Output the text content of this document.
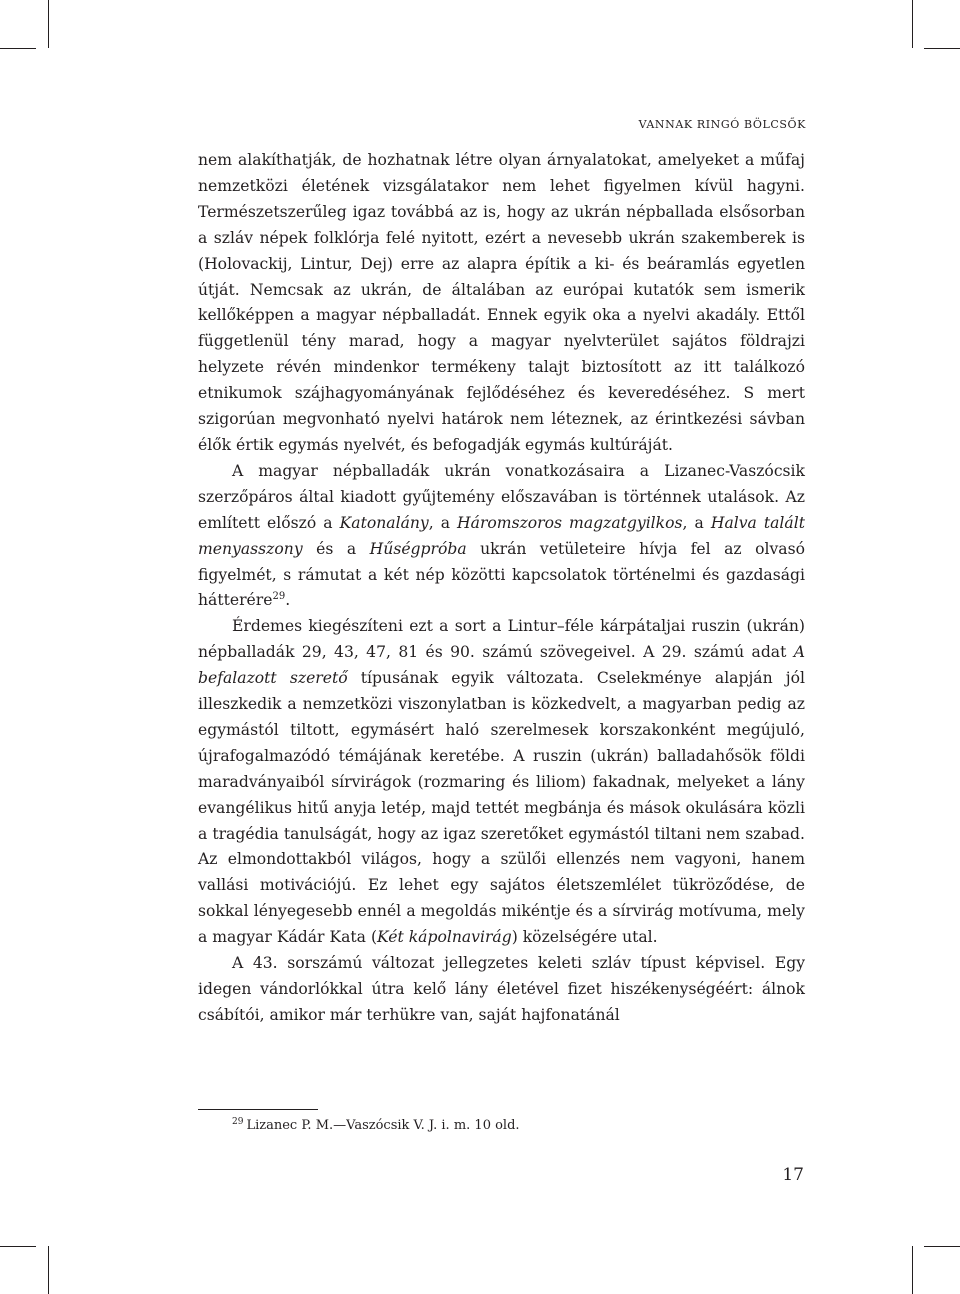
VANNAK RINGÓ BÖLCSŐK

nem alakíthatják, de hozhatnak létre olyan árnyalatokat, amelyeket a műfaj nemzetközi életének vizsgálatakor nem lehet figyelmen kívül hagyni. Természetszerűleg igaz továbbá az is, hogy az ukrán népballada elsősorban a szláv népek folklórja felé nyitott, ezért a nevesebb ukrán szakemberek is (Holovackij, Lintur, Dej) erre az alapra építik a ki- és beáramlás egyetlen útját. Nemcsak az ukrán, de általában az európai kutatók sem ismerik kellőképpen a magyar népballadát. Ennek egyik oka a nyelvi akadály. Ettől függetlenül tény marad, hogy a magyar nyelvterület sajátos földrajzi helyzete révén mindenkor termékeny talajt biztosított az itt találkozó etnikumok szájhagyományának fejlődéséhez és keveredéséhez. S mert szigorúan megvonható nyelvi határok nem léteznek, az érintkezési sávban élők értik egymás nyelvét, és befogadják egymás kultúráját.

A magyar népballadák ukrán vonatkozásaira a Lizanec-Vaszócsik szerzőpáros által kiadott gyűjtemény előszavában is történnek utalások. Az említett előszó a Katonalány, a Háromszoros magzatgyilkos, a Halva talált menyasszony és a Hűségpróba ukrán vetületeire hívja fel az olvasó figyelmét, s rámutat a két nép közötti kapcsolatok történelmi és gazdasági hátterére$^{29}$.

Érdemes kiegészíteni ezt a sort a Lintur–féle kárpátaljai ruszin (ukrán) népballadák 29, 43, 47, 81 és 90. számú szövegeivel. A 29. számú adat A befalazott szerető típusának egyik változata. Cselekménye alapján jól illeszkedik a nemzetközi viszonylatban is közkedvelt, a magyarban pedig az egymástól tiltott, egymásért haló szerelmesek korszakonként megújuló, újrafogalmazódó témájának keretébe. A ruszin (ukrán) balladahősök földi maradványaiból sírvirágok (rozmaring és liliom) fakadnak, melyeket a lány evangélikus hitű anyja letép, majd tettét megbánja és mások okulására közli a tragédia tanulságát, hogy az igaz szeretőket egymástól tiltani nem szabad. Az elmondottakból világos, hogy a szülői ellenzés nem vagyoni, hanem vallási motivációjú. Ez lehet egy sajátos életszemlélet tükröződése, de sokkal lényegesebb ennél a megoldás mikéntje és a sírvirág motívuma, mely a magyar Kádár Kata (Két kápolnavirág) közelségére utal.

A 43. sorszámú változat jellegzetes keleti szláv típust képvisel. Egy idegen vándorlókkal útra kelő lány életével fizet hiszékenységéért: álnok csábítói, amikor már terhükre van, saját hajfonatánál

$^{29}$ Lizanec P. M.—Vaszócsik V. J. i. m. 10 old.
17
